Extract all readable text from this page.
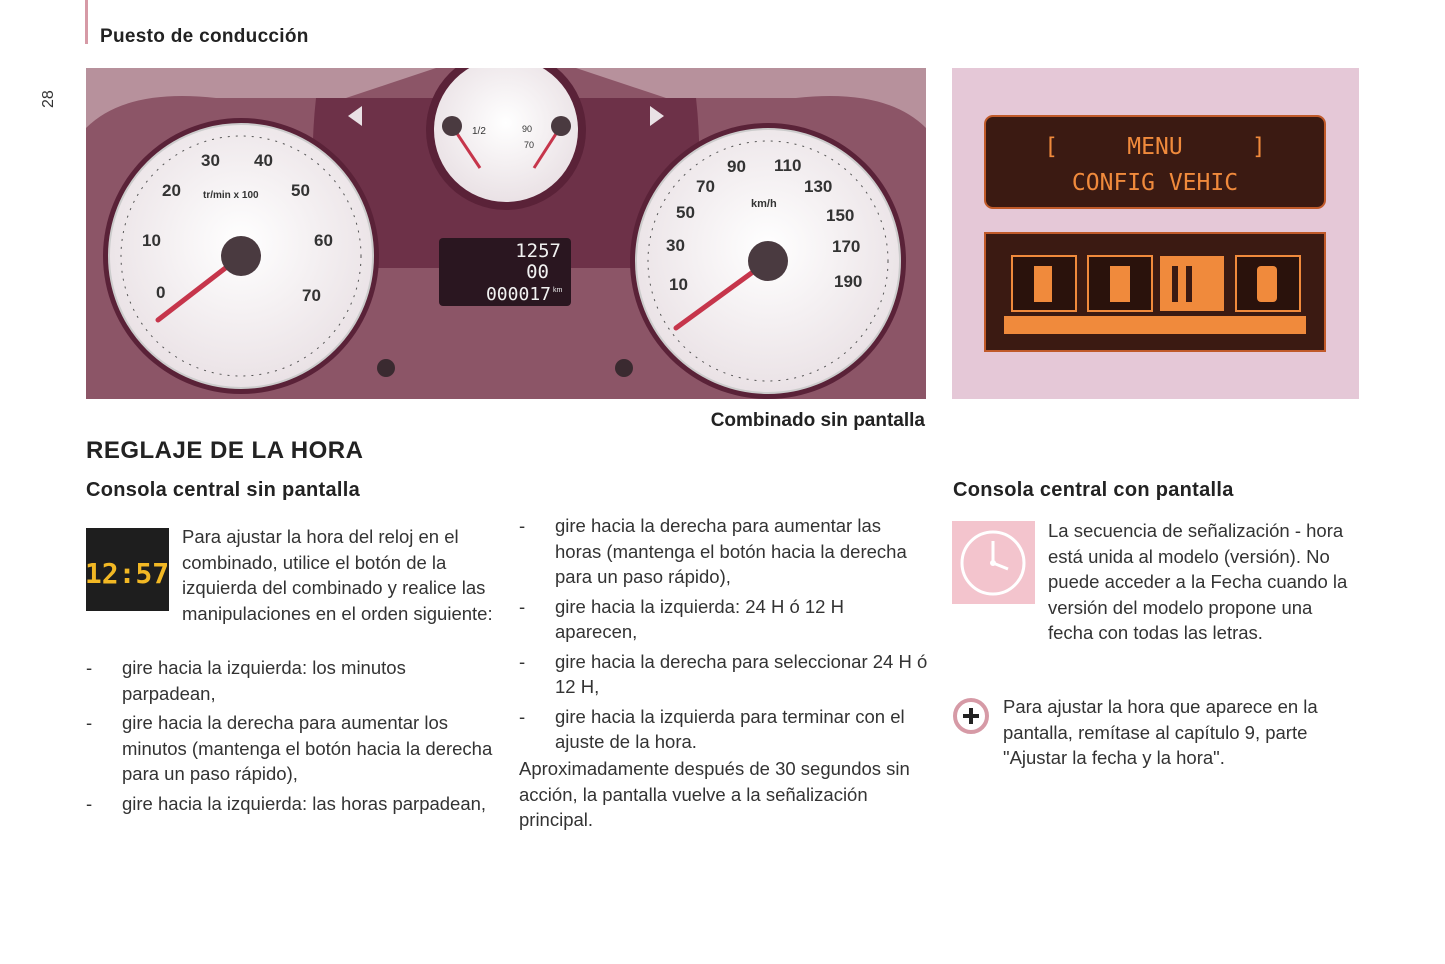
Puesto de conducción
28
0
10
20
30 40
50
60
70
tr/min x 100
1/2	90
70
1257
00
000017 km	10
30
50
70
90 110
130
150
170
190
km/h
Combinado sin pantalla
[     MENU     ]
CONFIG VEHIC
REGLAJE DE LA HORA
Consola central sin pantalla
12:57
Para ajustar la hora del reloj en el combinado, utilice el botón de la izquierda del combinado y realice las manipulaciones en el orden siguiente:
- gire hacia la izquierda: los minutos parpadean,
- gire hacia la derecha para aumentar los minutos (mantenga el botón hacia la derecha para un paso rápido),
- gire hacia la izquierda: las horas parpadean,
- gire hacia la derecha para aumentar las horas (mantenga el botón hacia la derecha para un paso rápido),
- gire hacia la izquierda: 24 H ó 12 H aparecen,
- gire hacia la derecha para seleccionar 24 H ó 12 H,
- gire hacia la izquierda para terminar con el ajuste de la hora.
Aproximadamente después de 30 segundos sin acción, la pantalla vuelve a la señalización principal.
Consola central con pantalla
La secuencia de señalización - hora está unida al modelo (versión). No puede acceder a la Fecha cuando la versión del modelo propone una fecha con todas las letras.
Para ajustar la hora que aparece en la pantalla, remítase al capítulo 9, parte "Ajustar la fecha y la hora".
